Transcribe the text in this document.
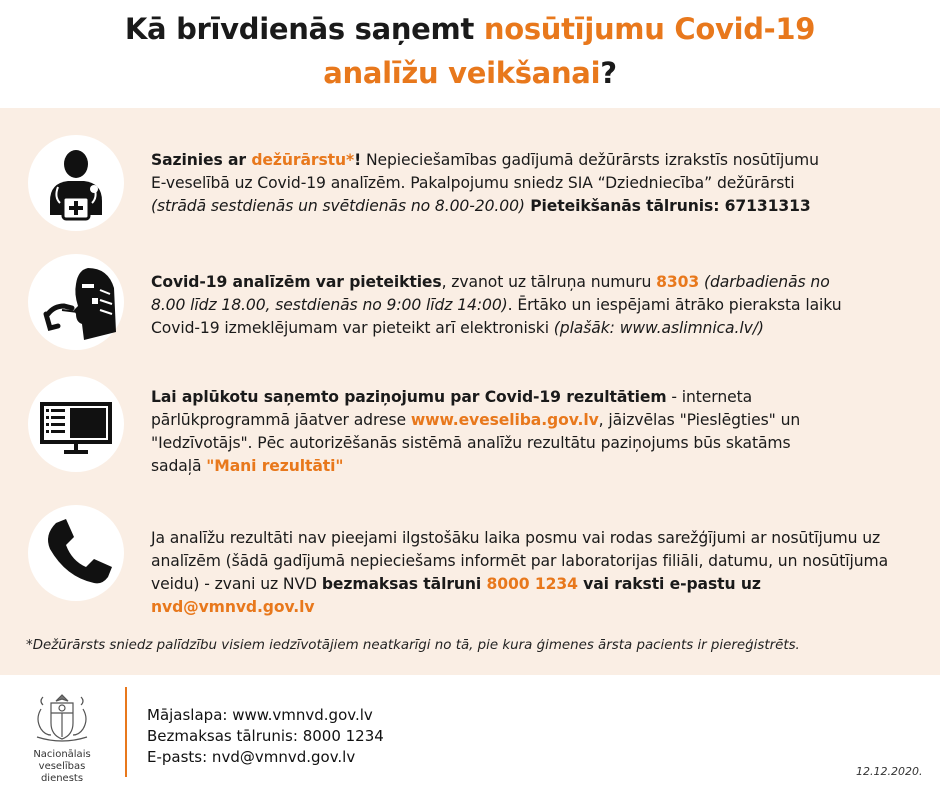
Kā brīvdienās saņemt nosūtījumu Covid-19
analīžu veikšanai?
Sazinies ar dežūrārstu*! Nepieciešamības gadījumā dežūrārsts izrakstīs nosūtījumu
E-veselībā uz Covid-19 analīzēm. Pakalpojumu sniedz SIA “Dziedniecība” dežūrārsti
(strādā sestdienās un svētdienās no 8.00-20.00) Pieteikšanās tālrunis: 67131313
Covid-19 analīzēm var pieteikties, zvanot uz tālruņa numuru 8303 (darbadienās no
8.00 līdz 18.00, sestdienās no 9:00 līdz 14:00). Ērtāko un iespējami ātrāko pieraksta laiku
Covid-19 izmeklējumam var pieteikt arī elektroniski (plašāk: www.aslimnica.lv/)
Lai aplūkotu saņemto paziņojumu par Covid-19 rezultātiem - interneta
pārlūkprogrammā jāatver adrese www.eveseliba.gov.lv, jāizvēlas "Pieslēgties" un
"Iedzīvotājs". Pēc autorizēšanās sistēmā analīžu rezultātu paziņojums būs skatāms
sadaļā "Mani rezultāti"
Ja analīžu rezultāti nav pieejami ilgstošāku laika posmu vai rodas sarežģījumi ar nosūtījumu uz
analīzēm (šādā gadījumā nepieciešams informēt par laboratorijas filiāli, datumu, un nosūtījuma
veidu) - zvani uz NVD bezmaksas tālruni 8000 1234 vai raksti e-pastu uz nvd@vmnvd.gov.lv
*Dežūrārsts sniedz palīdzību visiem iedzīvotājiem neatkarīgi no tā, pie kura ģimenes ārsta pacients ir piereģistrēts.
Nacionālais veselības
dienests
Mājaslapa: www.vmnvd.gov.lv
Bezmaksas tālrunis: 8000 1234
E-pasts: nvd@vmnvd.gov.lv
12.12.2020.
